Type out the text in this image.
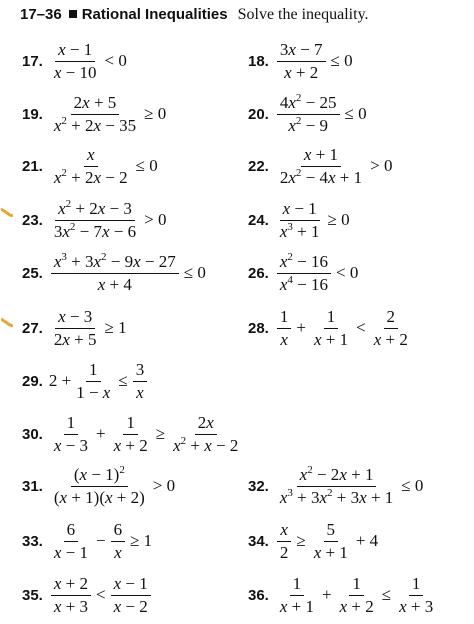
17–36 Rational Inequalities Solve the inequality.
17. $\frac{x - 1}{x - 10} < 0$	18. $\frac{3x - 7}{x + 2} \le 0$
19. $\frac{2x + 5}{x^2 + 2x - 35} \ge 0$	20. $\frac{4x^2 - 25}{x^2 - 9} \le 0$
21. $\frac{x}{x^2 + 2x - 2} \le 0$	22. $\frac{x + 1}{2x^2 - 4x + 1} > 0$
23. $\frac{x^2 + 2x - 3}{3x^2 - 7x - 6} > 0$	24. $\frac{x - 1}{x^3 + 1} \ge 0$
25. $\frac{x^3 + 3x^2 - 9x - 27}{x + 4} \le 0$	26. $\frac{x^2 - 16}{x^4 - 16} < 0$
27. $\frac{x - 3}{2x + 5} \ge 1$	28. $\frac{1}{x} + \frac{1}{x + 1} < \frac{2}{x + 2}$
29. $2 + \frac{1}{1 - x} \le \frac{3}{x}$
30. $\frac{1}{x - 3} + \frac{1}{x + 2} \ge \frac{2x}{x^2 + x - 2}$
31. $\frac{(x - 1)^2}{(x + 1)(x + 2)} > 0$	32. $\frac{x^2 - 2x + 1}{x^3 + 3x^2 + 3x + 1} \le 0$
33. $\frac{6}{x - 1} - \frac{6}{x} \ge 1$	34. $\frac{x}{2} \ge \frac{5}{x + 1} + 4$
35. $\frac{x + 2}{x + 3} < \frac{x - 1}{x - 2}$	36. $\frac{1}{x + 1} + \frac{1}{x + 2} \le \frac{1}{x + 3}$
